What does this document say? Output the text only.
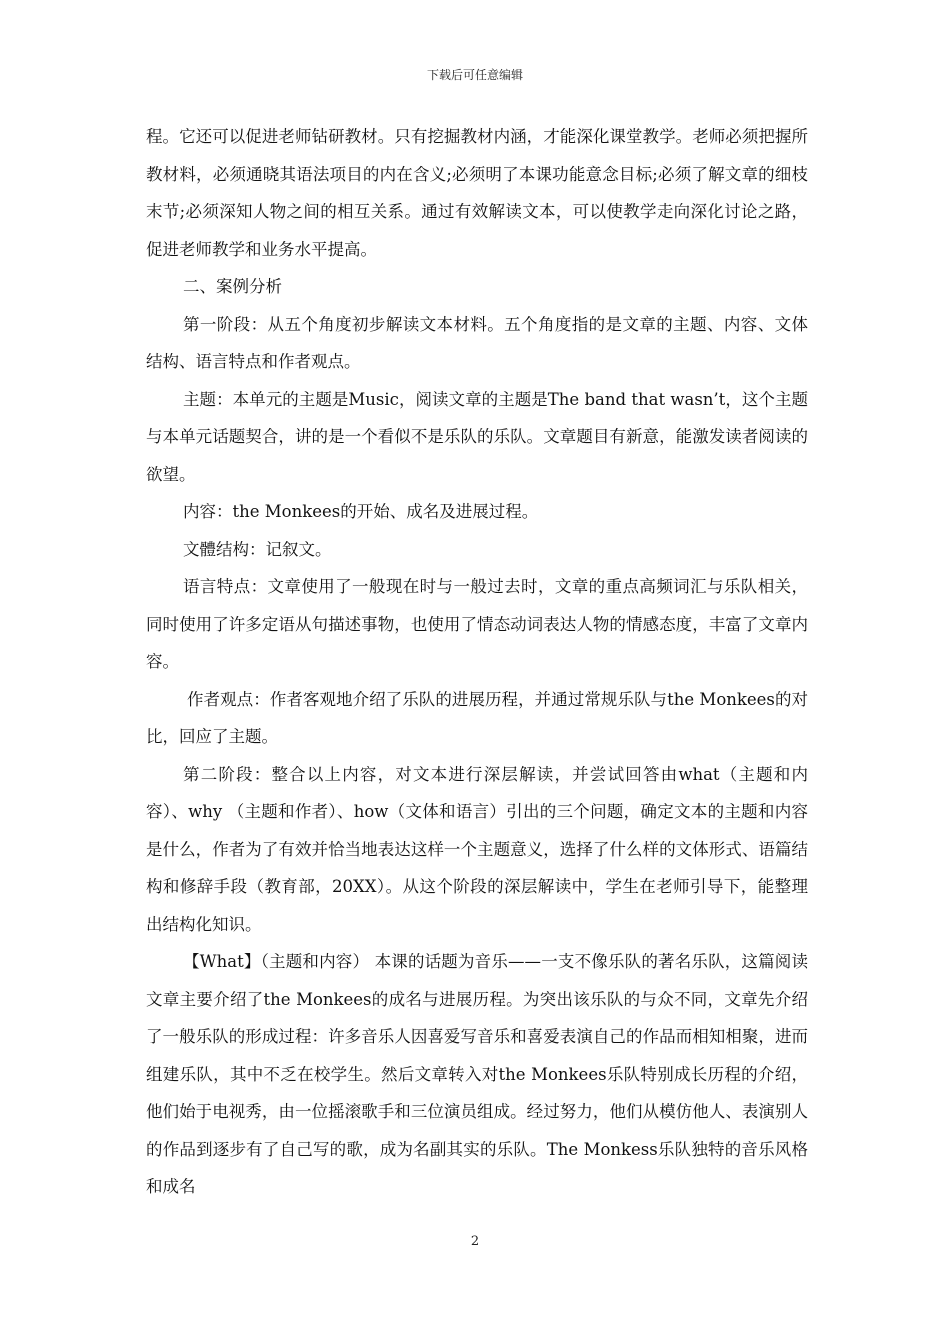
下载后可任意编辑

程。它还可以促进老师钻研教材。只有挖掘教材内涵，才能深化课堂教学。老师必须把握所教材料，必须通晓其语法项目的内在含义;必须明了本课功能意念目标;必须了解文章的细枝末节;必须深知人物之间的相互关系。通过有效解读文本，可以使教学走向深化讨论之路，促进老师教学和业务水平提高。

二、案例分析

第一阶段：从五个角度初步解读文本材料。五个角度指的是文章的主题、内容、文体结构、语言特点和作者观点。

主题：本单元的主题是Music，阅读文章的主题是The band that wasn’t，这个主题与本单元话题契合，讲的是一个看似不是乐队的乐队。文章题目有新意，能激发读者阅读的欲望。

内容：the Monkees的开始、成名及进展过程。

文體结构：记叙文。

语言特点：文章使用了一般现在时与一般过去时，文章的重点高频词汇与乐队相关，同时使用了许多定语从句描述事物，也使用了情态动词表达人物的情感态度，丰富了文章内容。

作者观点：作者客观地介绍了乐队的进展历程，并通过常规乐队与the Monkees的对比，回应了主题。

第二阶段：整合以上内容，对文本进行深层解读，并尝试回答由what（主题和内容）、why （主题和作者）、how（文体和语言）引出的三个问题，确定文本的主题和内容是什么，作者为了有效并恰当地表达这样一个主题意义，选择了什么样的文体形式、语篇结构和修辞手段（教育部，20XX）。从这个阶段的深层解读中，学生在老师引导下，能整理出结构化知识。

【What】（主题和内容） 本课的话题为音乐——一支不像乐队的著名乐队，这篇阅读文章主要介绍了the Monkees的成名与进展历程。为突出该乐队的与众不同，文章先介绍了一般乐队的形成过程：许多音乐人因喜爱写音乐和喜爱表演自己的作品而相知相聚，进而组建乐队，其中不乏在校学生。然后文章转入对the Monkees乐队特别成长历程的介绍，他们始于电视秀，由一位摇滚歌手和三位演员组成。经过努力，他们从模仿他人、表演别人的作品到逐步有了自己写的歌，成为名副其实的乐队。The Monkess乐队独特的音乐风格和成名

2
